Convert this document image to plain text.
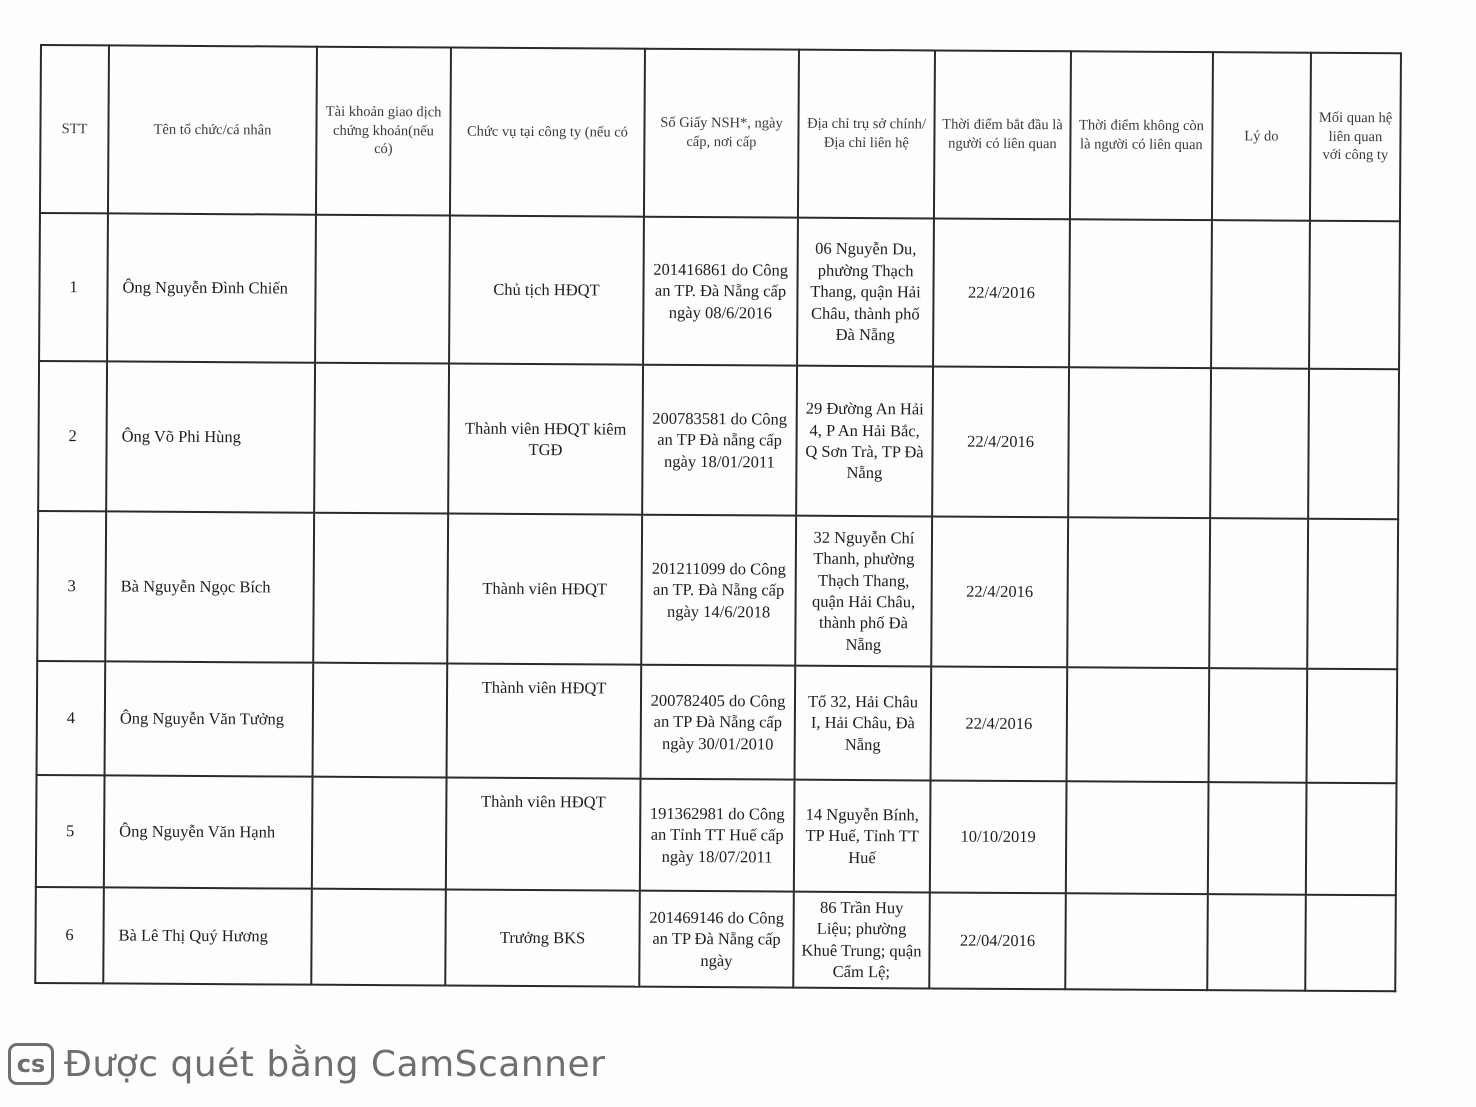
STT	Tên tổ chức/cá nhân	Tài khoản giao dịch chứng khoán(nếu có)	Chức vụ tại công ty (nếu có	Số Giấy NSH*, ngày cấp, nơi cấp	Địa chỉ trụ sở chính/ Địa chỉ liên hệ	Thời điểm bắt đầu là người có liên quan	Thời điểm không còn là người có liên quan	Lý do	Mối quan hệ liên quan với công ty
1	Ông Nguyễn Đình Chiến		Chủ tịch HĐQT	201416861 do Công an TP. Đà Nẵng cấp ngày 08/6/2016	06 Nguyễn Du, phường Thạch Thang, quận Hải Châu, thành phố Đà Nẵng	22/4/2016			
2	Ông Võ Phi Hùng		Thành viên HĐQT kiêm TGĐ	200783581 do Công an TP Đà nẵng cấp ngày 18/01/2011	29 Đường An Hải 4, P An Hải Bắc, Q Sơn Trà, TP Đà Nẵng	22/4/2016			
3	Bà Nguyễn Ngọc Bích		Thành viên HĐQT	201211099 do Công an TP. Đà Nẵng cấp ngày 14/6/2018	32 Nguyễn Chí Thanh, phường Thạch Thang, quận Hải Châu, thành phố Đà Nẵng	22/4/2016			
4	Ông Nguyễn Văn Tưởng		Thành viên HĐQT	200782405 do Công an TP Đà Nẵng cấp ngày 30/01/2010	Tổ 32, Hải Châu I, Hải Châu, Đà Nẵng	22/4/2016			
5	Ông Nguyễn Văn Hạnh		Thành viên HĐQT	191362981 do Công an Tỉnh TT Huế cấp ngày 18/07/2011	14 Nguyễn Bính, TP Huế, Tỉnh TT Huế	10/10/2019			
6	Bà Lê Thị Quý Hương		Trưởng BKS	201469146 do Công an TP Đà Nẵng cấp ngày	86 Trần Huy Liệu; phường Khuê Trung; quận Cẩm Lệ;	22/04/2016			
cs Được quét bằng CamScanner
